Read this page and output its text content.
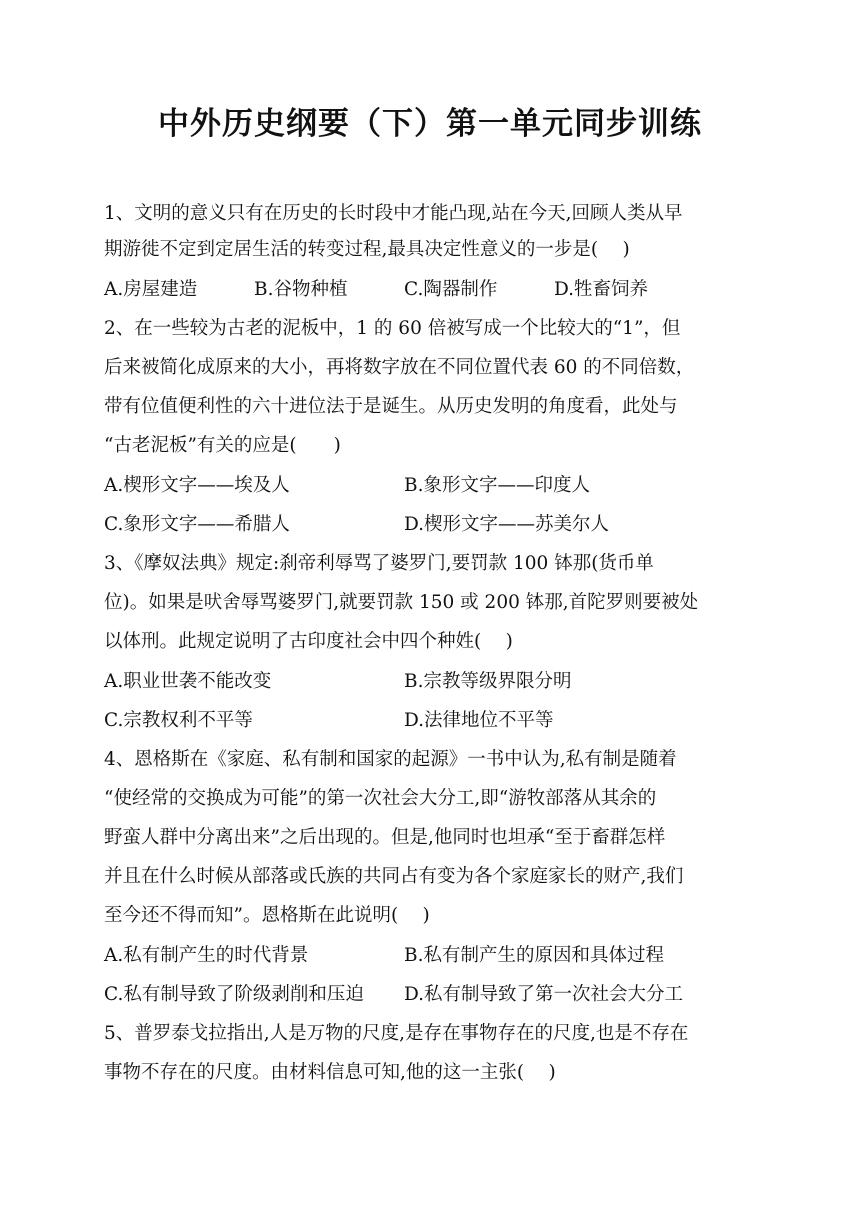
中外历史纲要（下）第一单元同步训练
1、文明的意义只有在历史的长时段中才能凸现,站在今天,回顾人类从早
期游徙不定到定居生活的转变过程,最具决定性意义的一步是(　 )
A.房屋建造	B.谷物种植	C.陶器制作	D.牲畜饲养
2、在一些较为古老的泥板中，1 的 60 倍被写成一个比较大的“1”，但
后来被简化成原来的大小，再将数字放在不同位置代表 60 的不同倍数，
带有位值便利性的六十进位法于是诞生。从历史发明的角度看，此处与
“古老泥板”有关的应是(　　)
A.楔形文字——埃及人	B.象形文字——印度人
C.象形文字——希腊人	D.楔形文字——苏美尔人
3、《摩奴法典》规定:刹帝利辱骂了婆罗门,要罚款 100 钵那(货币单
位)。如果是吠舍辱骂婆罗门,就要罚款 150 或 200 钵那,首陀罗则要被处
以体刑。此规定说明了古印度社会中四个种姓(　 )
A.职业世袭不能改变	B.宗教等级界限分明
C.宗教权利不平等	D.法律地位不平等
4、恩格斯在《家庭、私有制和国家的起源》一书中认为,私有制是随着
“使经常的交换成为可能”的第一次社会大分工,即“游牧部落从其余的
野蛮人群中分离出来”之后出现的。但是,他同时也坦承“至于畜群怎样
并且在什么时候从部落或氏族的共同占有变为各个家庭家长的财产,我们
至今还不得而知”。恩格斯在此说明(　 )
A.私有制产生的时代背景	B.私有制产生的原因和具体过程
C.私有制导致了阶级剥削和压迫 D.私有制导致了第一次社会大分工
5、普罗泰戈拉指出,人是万物的尺度,是存在事物存在的尺度,也是不存在
事物不存在的尺度。由材料信息可知,他的这一主张(　 )
